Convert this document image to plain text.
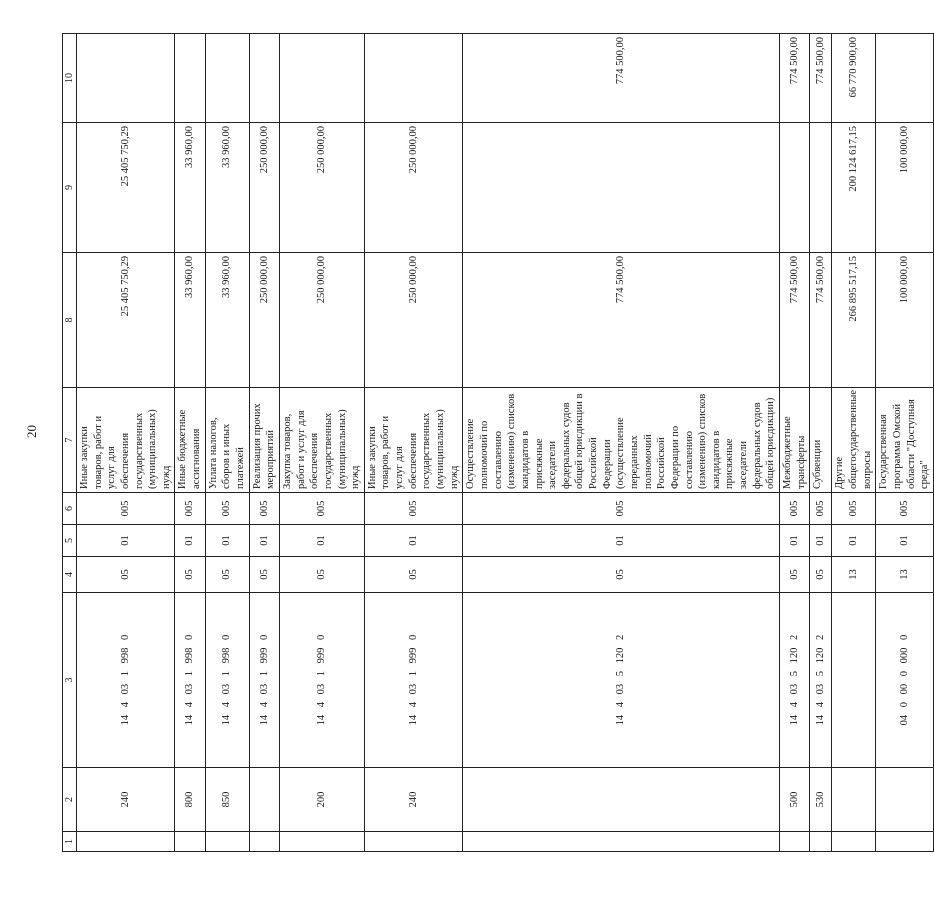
20
1	2	3	4	5	6	7	8	9	10
	240	14 4 03 1 998 0	05	01	005	Иные закупки товаров, работ и услуг для обеспечения государственных (муниципальных) нужд	25 405 750,29	25 405 750,29	
	800	14 4 03 1 998 0	05	01	005	Иные бюджетные ассигнования	33 960,00	33 960,00	
	850	14 4 03 1 998 0	05	01	005	Уплата налогов, сборов и иных платежей	33 960,00	33 960,00	
		14 4 03 1 999 0	05	01	005	Реализация прочих мероприятий	250 000,00	250 000,00	
	200	14 4 03 1 999 0	05	01	005	Закупка товаров, работ и услуг для обеспечения государственных (муниципальных) нужд	250 000,00	250 000,00	
	240	14 4 03 1 999 0	05	01	005	Иные закупки товаров, работ и услуг для обеспечения государственных (муниципальных) нужд	250 000,00	250 000,00	
		14 4 03 5 120 2	05	01	005	Осуществление полномочий по составлению (изменению) списков кандидатов в присяжные заседатели федеральных судов общей юрисдикции в Российской Федерации (осуществление переданных полномочий Российской Федерации по составлению (изменению) списков кандидатов в присяжные заседатели федеральных судов общей юрисдикции)	774 500,00		774 500,00
	500	14 4 03 5 120 2	05	01	005	Межбюджетные трансферты	774 500,00		774 500,00
	530	14 4 03 5 120 2	05	01	005	Субвенции	774 500,00		774 500,00
			13	01	005	Другие общегосударственные вопросы	266 895 517,15	200 124 617,15	66 770 900,00
		04 0 00 0 000 0	13	01	005	Государственная программа Омской области "Доступная среда"	100 000,00	100 000,00	
